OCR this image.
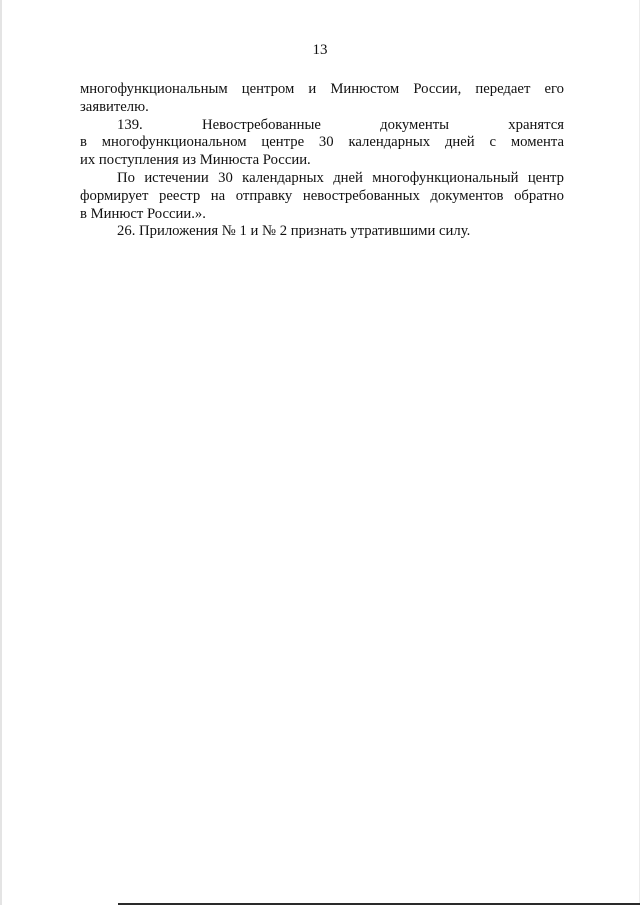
13
многофункциональным центром и Минюстом России, передает его
заявителю.
139. Невостребованные документы хранятся
в многофункциональном центре 30 календарных дней с момента
их поступления из Минюста России.
По истечении 30 календарных дней многофункциональный центр
формирует реестр на отправку невостребованных документов обратно
в Минюст России.».
26. Приложения № 1 и № 2 признать утратившими силу.
